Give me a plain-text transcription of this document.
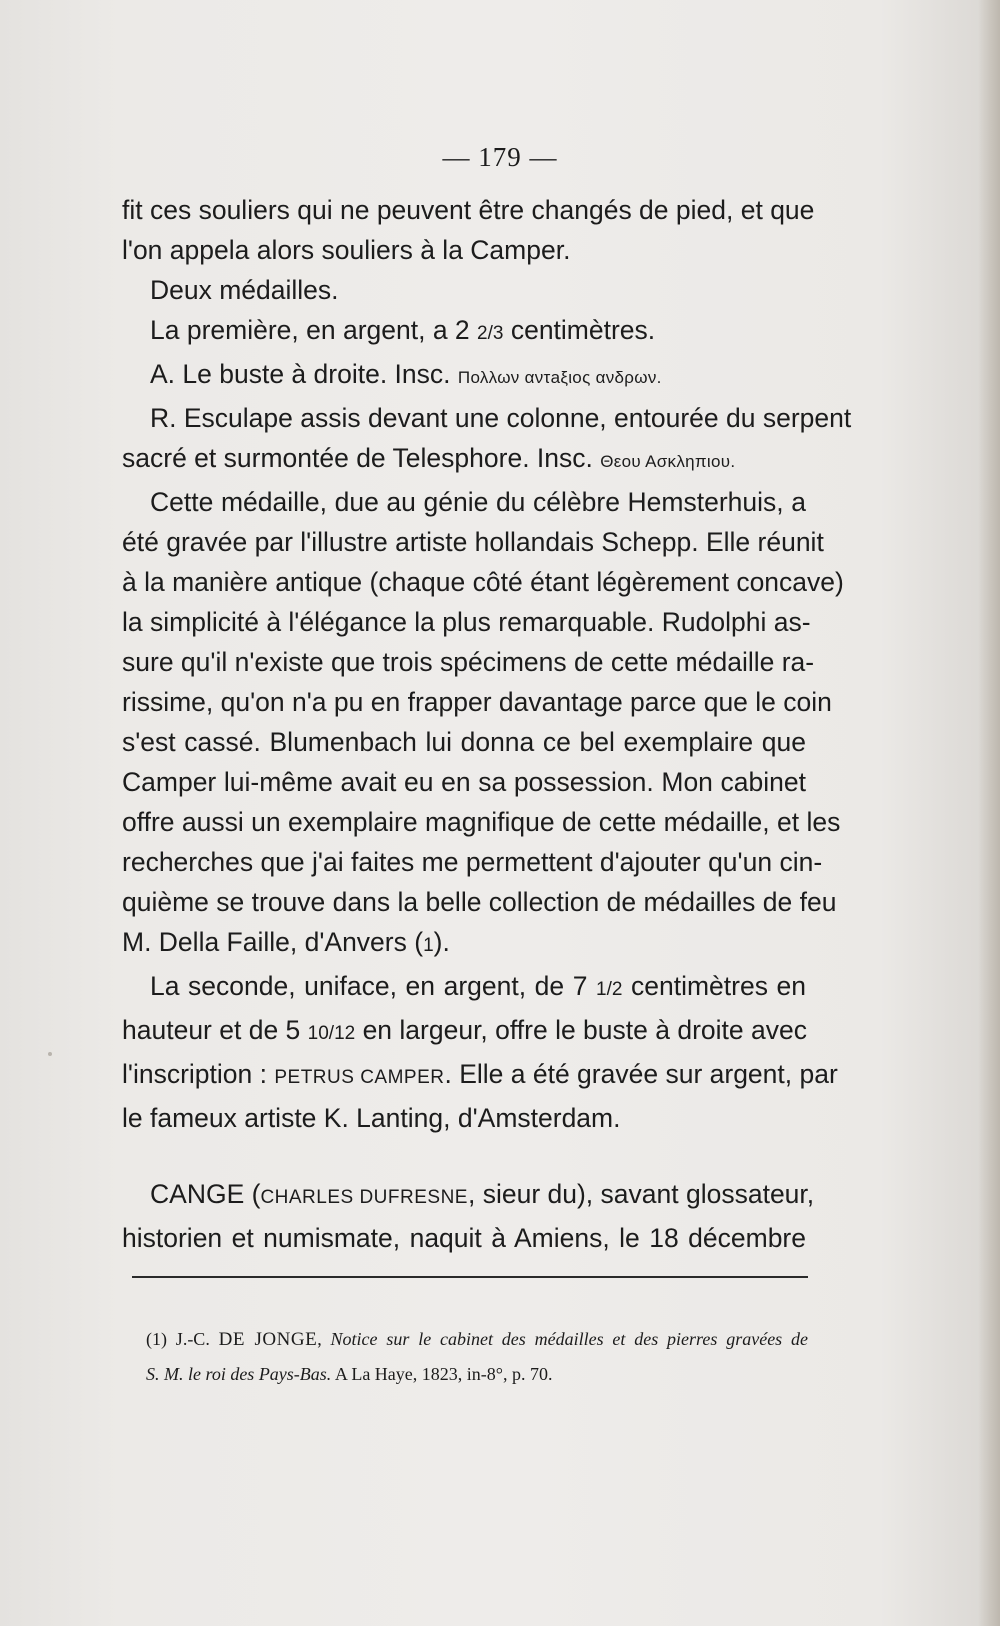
— 179 —
fit ces souliers qui ne peuvent être changés de pied, et que
l'on appela alors souliers à la Camper.
Deux médailles.
La première, en argent, a 2 2/3 centimètres.
A. Le buste à droite. Insc. Πολλων αντaξιος ανδρων.
R. Esculape assis devant une colonne, entourée du serpent
sacré et surmontée de Telesphore. Insc. Θεου Ασκληπιου.
Cette médaille, due au génie du célèbre Hemsterhuis, a
été gravée par l'illustre artiste hollandais Schepp. Elle réunit
à la manière antique (chaque côté étant légèrement concave)
la simplicité à l'élégance la plus remarquable. Rudolphi as-
sure qu'il n'existe que trois spécimens de cette médaille ra-
rissime, qu'on n'a pu en frapper davantage parce que le coin
s'est cassé. Blumenbach lui donna ce bel exemplaire que
Camper lui-même avait eu en sa possession. Mon cabinet
offre aussi un exemplaire magnifique de cette médaille, et les
recherches que j'ai faites me permettent d'ajouter qu'un cin-
quième se trouve dans la belle collection de médailles de feu
M. Della Faille, d'Anvers (1).
La seconde, uniface, en argent, de 7 1/2 centimètres en
hauteur et de 5 10/12 en largeur, offre le buste à droite avec
l'inscription : PETRUS CAMPER. Elle a été gravée sur argent, par
le fameux artiste K. Lanting, d'Amsterdam.
CANGE (CHARLES DUFRESNE, sieur du), savant glossateur,
historien et numismate, naquit à Amiens, le 18 décembre
(1) J.-C. DE JONGE, Notice sur le cabinet des médailles et des pierres gravées de
S. M. le roi des Pays-Bas. A La Haye, 1823, in-8°, p. 70.
